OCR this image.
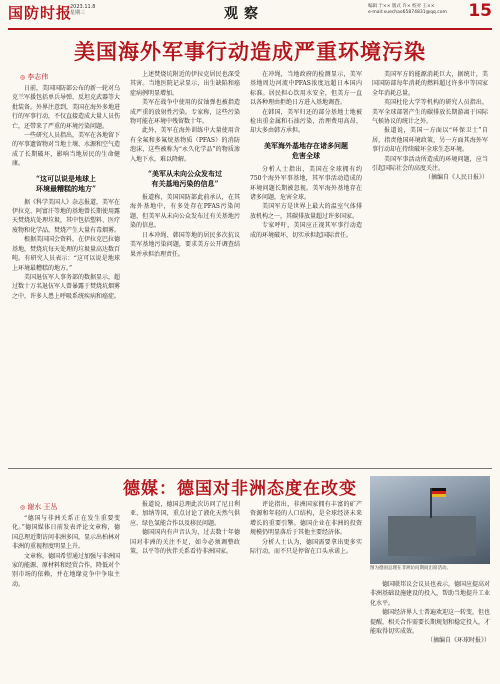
国防时报
2023.11.8
星期三	观察	编辑 于×× 版式 许× 校对 王××
e-mail:xuechao65874831@qq.com 15
美国海外军事行动造成严重环境污染
◎ 李志伟

日前，美国国防部公布的新一轮对乌克兰军援包括单兵导弹、反坦克武器等大批装备。外界注意到，美国在海外多地进行的军事行动，不仅直接造成大量人员伤亡，还带来了严重的环境污染问题。

一些研究人员指出，美军在各地留下的军事遗留物对当地土壤、水源和空气造成了长期破坏，影响当地居民的生命健康。

“这可以说是地球上
环境最糟糕的地方”

据《科学美国人》杂志报道，美军在伊拉克、阿富汗等地的基地曾长期使用露天焚烧坑处理垃圾，其中包括塑料、医疗废物和化学品，焚烧产生大量有毒烟雾。

根据美国国会资料，在伊拉克巴拉德基地，焚烧坑每天处理的垃圾量高达数百吨。有研究人员表示：“这可以说是地球上环境最糟糕的地方。”

美国退伍军人事务部的数据显示，超过数十万名退伍军人曾暴露于焚烧坑烟雾之中，许多人患上呼吸系统疾病和癌症。

上述焚烧坑附近的伊拉克居民也深受其害。当地医院记录显示，出生缺陷和癌症病例明显增加。

美军在战争中使用的贫铀弹也被指造成严重的放射性污染。专家称，这些污染物可能在环境中残留数十年。

此外，美军在海外训练中大量使用含有全氟和多氟烷基物质（PFAS）的消防泡沫，这些被称为“永久化学品”的物质渗入地下水，难以降解。

“美军从未向公众发布过
有关基地污染的信息”

报道称，美国国防部此前承认，在其海外基地中，有多处存在PFAS污染问题，但美军从未向公众发布过有关基地污染的信息。

日本冲绳、韩国等地的居民多次抗议美军基地污染问题，要求美方公开调查结果并承担治理责任。

在冲绳，当地政府的检测显示，美军基地周边河流中PFAS浓度远超日本国内标准。居民担心饮用水安全，但美方一直以各种理由拒绝日方进入基地调查。

在韩国，美军归还的部分基地土地被检出重金属和石油污染，治理费用高昂，却大多由韩方承担。

美军海外基地存在诸多问题
危害全球

分析人士指出，美国在全球拥有约750个海外军事基地，其军事活动造成的环境问题长期被忽视。美军海外基地存在诸多问题，危害全球。

美国军方是世界上最大的温室气体排放机构之一，其碳排放量超过许多国家。

专家呼吁，美国应正视其军事行动造成的环境破坏，切实承担起国际责任。

美国军方的能源消耗巨大，据统计，美国国防部每年消耗的燃料超过许多中等国家全年消耗总量。

英国杜伦大学等机构的研究人员指出，美军全球部署产生的碳排放长期游离于国际气候协议的统计之外。

报道说，美国一方面以“环保卫士”自居，指责他国环境政策，另一方面其海外军事行动却在持续破坏全球生态环境。

美国军事活动所造成的环境问题，应当引起国际社会的高度关注。

（摘编自《人民日报》）

德媒：德国对非洲态度在改变
◎ 谢水 王丛

“德国与非洲关系正在发生重要变化。”德国媒体日前发表评论文章称，德国总理近期访问非洲多国，显示出柏林对非洲的重视程度明显上升。

文章称，德国希望通过加强与非洲国家的能源、原材料和经贸合作，降低对个别市场的依赖，并在地缘竞争中争取主动。

报道说，德国总理此次访问了尼日利亚、加纳等国，重点讨论了液化天然气供应、绿色氢能合作以及移民问题。

德国国内有声音认为，过去数十年德国对非洲的关注不足，如今必须调整政策，以平等的伙伴关系看待非洲国家。

评论指出，非洲国家拥有丰富的矿产资源和年轻的人口结构，是全球经济未来增长的重要引擎。德国企业在非洲的投资规模仍明显落后于其他主要经济体。

分析人士认为，德国需要拿出更多实际行动，而不只是停留在口头承诺上。

图为德国总理在非洲访问期间出席活动。

德国联邦议会议员也表示，德国应提高对非洲基础设施建设的投入，帮助当地提升工业化水平。

德国经济界人士普遍欢迎这一转变，但也提醒，相关合作需要长期规划和稳定投入，才能取得切实成效。

（摘编自《环球时报》）
